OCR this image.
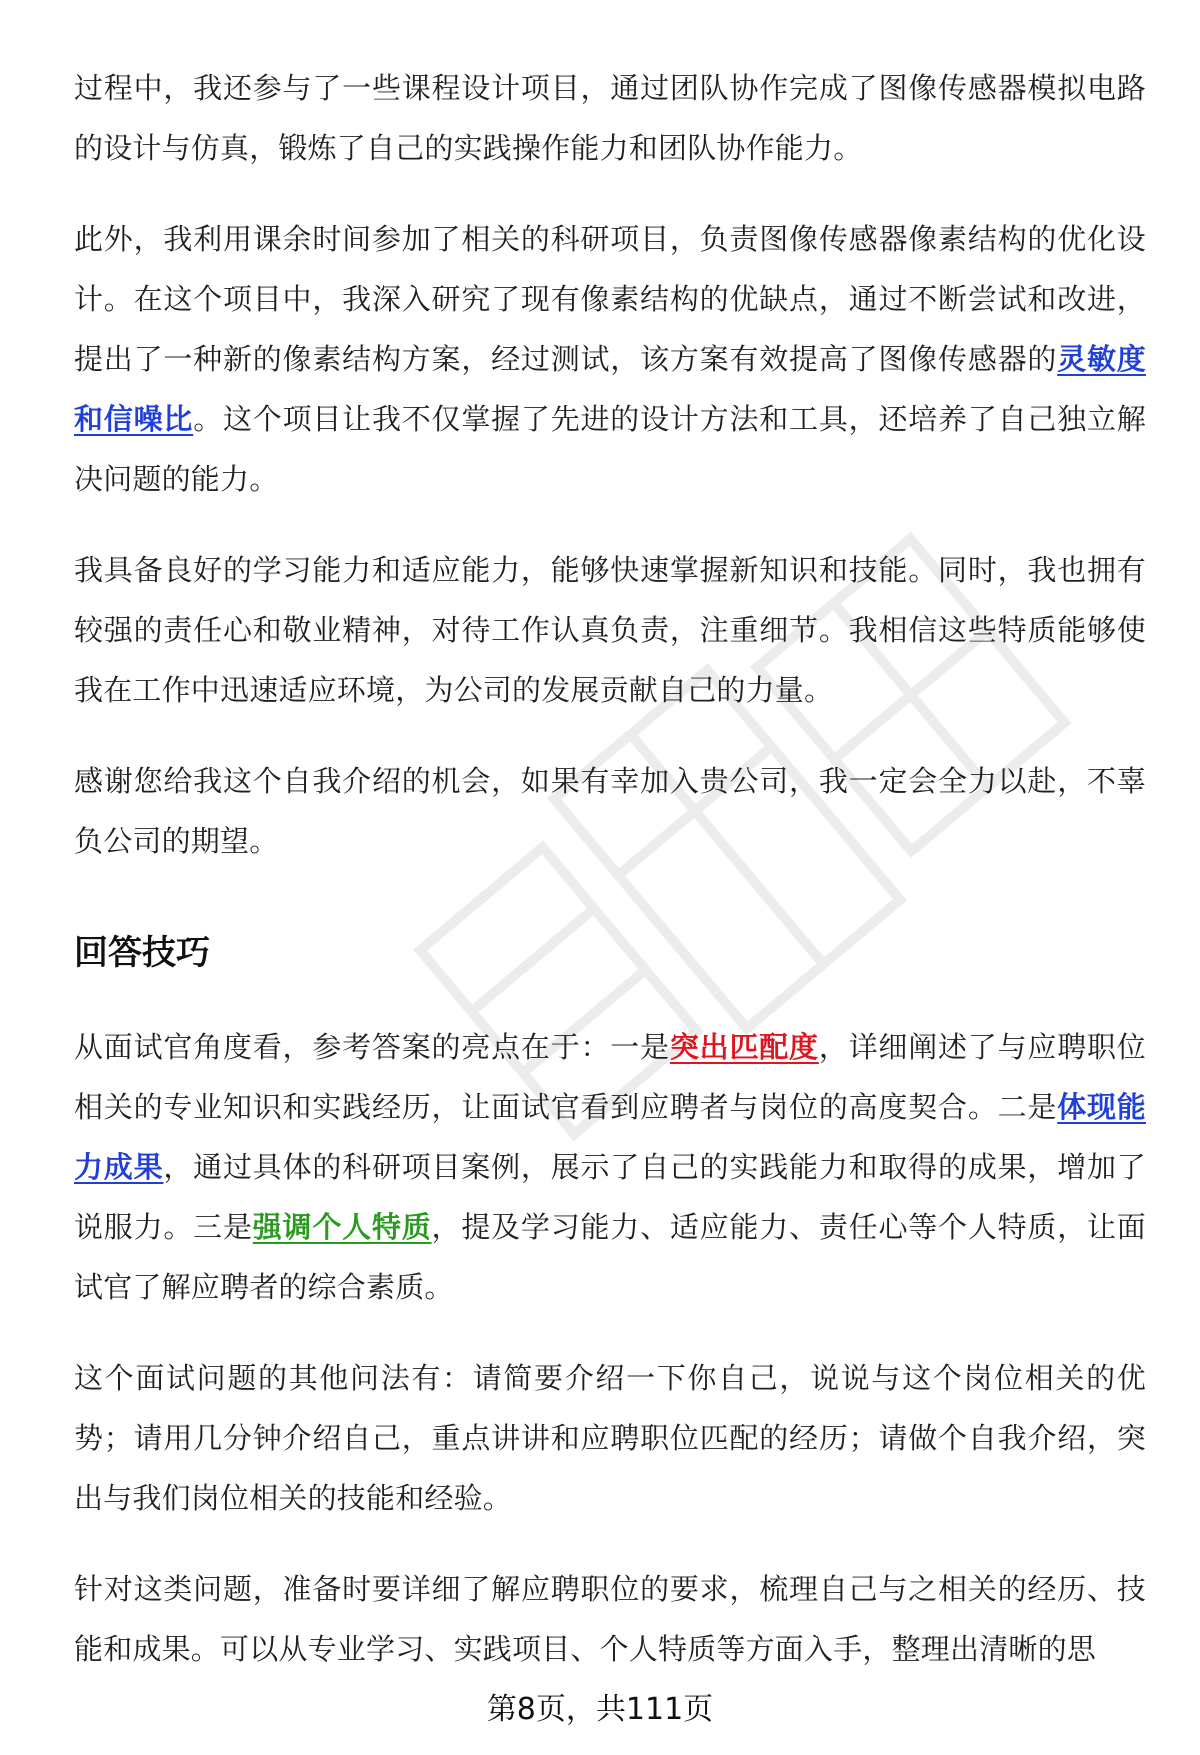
过程中，我还参与了一些课程设计项目，通过团队协作完成了图像传感器模拟电路的设计与仿真，锻炼了自己的实践操作能力和团队协作能力。

此外，我利用课余时间参加了相关的科研项目，负责图像传感器像素结构的优化设计。在这个项目中，我深入研究了现有像素结构的优缺点，通过不断尝试和改进，提出了一种新的像素结构方案，经过测试，该方案有效提高了图像传感器的灵敏度和信噪比。这个项目让我不仅掌握了先进的设计方法和工具，还培养了自己独立解决问题的能力。

我具备良好的学习能力和适应能力，能够快速掌握新知识和技能。同时，我也拥有较强的责任心和敬业精神，对待工作认真负责，注重细节。我相信这些特质能够使我在工作中迅速适应环境，为公司的发展贡献自己的力量。

感谢您给我这个自我介绍的机会，如果有幸加入贵公司，我一定会全力以赴，不辜负公司的期望。

回答技巧

从面试官角度看，参考答案的亮点在于：一是突出匹配度，详细阐述了与应聘职位相关的专业知识和实践经历，让面试官看到应聘者与岗位的高度契合。二是体现能力成果，通过具体的科研项目案例，展示了自己的实践能力和取得的成果，增加了说服力。三是强调个人特质，提及学习能力、适应能力、责任心等个人特质，让面试官了解应聘者的综合素质。

这个面试问题的其他问法有：请简要介绍一下你自己，说说与这个岗位相关的优势；请用几分钟介绍自己，重点讲讲和应聘职位匹配的经历；请做个自我介绍，突出与我们岗位相关的技能和经验。

针对这类问题，准备时要详细了解应聘职位的要求，梳理自己与之相关的经历、技能和成果。可以从专业学习、实践项目、个人特质等方面入手，整理出清晰的思

第8页，共111页
